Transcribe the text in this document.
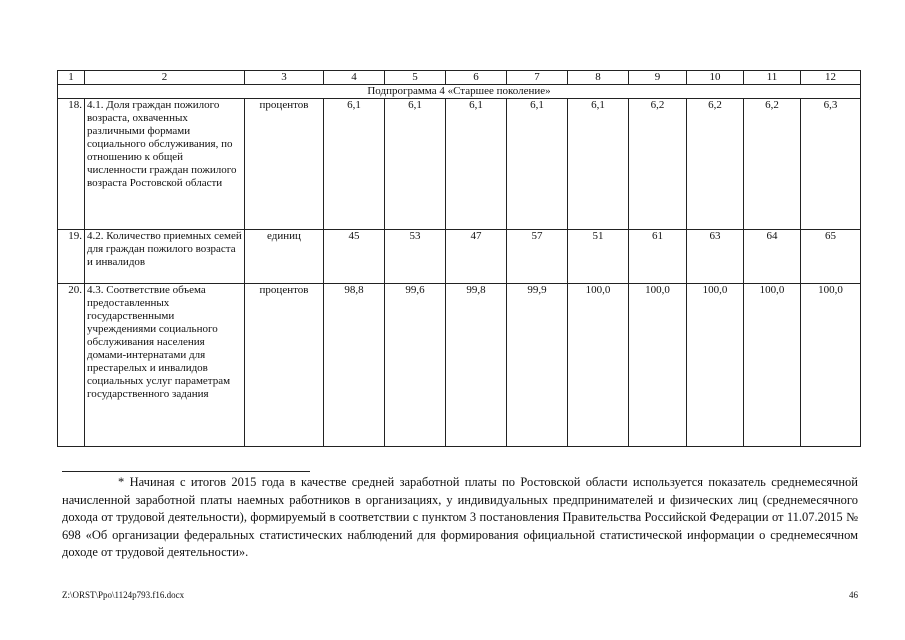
1	2	3	4	5	6	7	8	9	10	11	12
Подпрограмма 4 «Старшее поколение»											
18.	4.1. Доля граждан пожилого возраста, охваченных различными формами социального обслуживания, по отношению к общей численности граждан пожилого возраста Ростовской области	процентов	6,1	6,1	6,1	6,1	6,1	6,2	6,2	6,2	6,3
19.	4.2. Количество приемных семей для граждан пожилого возраста и инвалидов	единиц	45	53	47	57	51	61	63	64	65
20.	4.3. Соответствие объема предоставленных государственными учреждениями социального обслуживания населения домами-интернатами для престарелых и инвалидов социальных услуг параметрам государственного задания	процентов	98,8	99,6	99,8	99,9	100,0	100,0	100,0	100,0	100,0
* Начиная с итогов 2015 года в качестве средней заработной платы по Ростовской области используется показатель среднемесячной начисленной заработной платы наемных работников в организациях, у индивидуальных предпринимателей и физических лиц (среднемесячного дохода от трудовой деятельности), формируемый в соответствии с пунктом 3 постановления Правительства Российской Федерации от 11.07.2015 № 698 «Об организации федеральных статистических наблюдений для формирования официальной статистической информации о среднемесячном доходе от трудовой деятельности».
Z:\ORST\Ppo\1124p793.f16.docx	46
